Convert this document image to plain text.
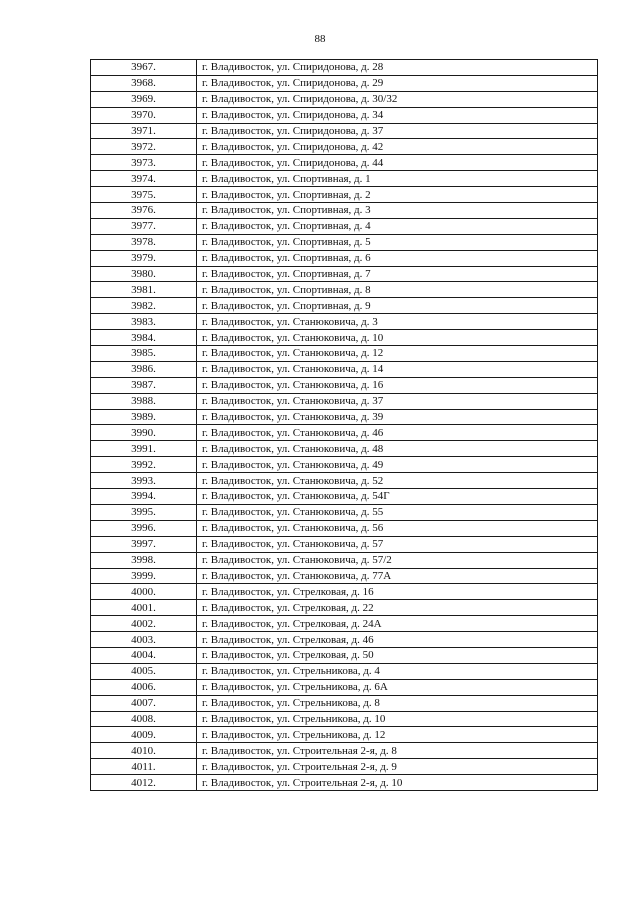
88
3967.	г. Владивосток, ул. Спиридонова, д. 28
3968.	г. Владивосток, ул. Спиридонова, д. 29
3969.	г. Владивосток, ул. Спиридонова, д. 30/32
3970.	г. Владивосток, ул. Спиридонова, д. 34
3971.	г. Владивосток, ул. Спиридонова, д. 37
3972.	г. Владивосток, ул. Спиридонова, д. 42
3973.	г. Владивосток, ул. Спиридонова, д. 44
3974.	г. Владивосток, ул. Спортивная, д. 1
3975.	г. Владивосток, ул. Спортивная, д. 2
3976.	г. Владивосток, ул. Спортивная, д. 3
3977.	г. Владивосток, ул. Спортивная, д. 4
3978.	г. Владивосток, ул. Спортивная, д. 5
3979.	г. Владивосток, ул. Спортивная, д. 6
3980.	г. Владивосток, ул. Спортивная, д. 7
3981.	г. Владивосток, ул. Спортивная, д. 8
3982.	г. Владивосток, ул. Спортивная, д. 9
3983.	г. Владивосток, ул. Станюковича, д. 3
3984.	г. Владивосток, ул. Станюковича, д. 10
3985.	г. Владивосток, ул. Станюковича, д. 12
3986.	г. Владивосток, ул. Станюковича, д. 14
3987.	г. Владивосток, ул. Станюковича, д. 16
3988.	г. Владивосток, ул. Станюковича, д. 37
3989.	г. Владивосток, ул. Станюковича, д. 39
3990.	г. Владивосток, ул. Станюковича, д. 46
3991.	г. Владивосток, ул. Станюковича, д. 48
3992.	г. Владивосток, ул. Станюковича, д. 49
3993.	г. Владивосток, ул. Станюковича, д. 52
3994.	г. Владивосток, ул. Станюковича, д. 54Г
3995.	г. Владивосток, ул. Станюковича, д. 55
3996.	г. Владивосток, ул. Станюковича, д. 56
3997.	г. Владивосток, ул. Станюковича, д. 57
3998.	г. Владивосток, ул. Станюковича, д. 57/2
3999.	г. Владивосток, ул. Станюковича, д. 77А
4000.	г. Владивосток, ул. Стрелковая, д. 16
4001.	г. Владивосток, ул. Стрелковая, д. 22
4002.	г. Владивосток, ул. Стрелковая, д. 24А
4003.	г. Владивосток, ул. Стрелковая, д. 46
4004.	г. Владивосток, ул. Стрелковая, д. 50
4005.	г. Владивосток, ул. Стрельникова, д. 4
4006.	г. Владивосток, ул. Стрельникова, д. 6А
4007.	г. Владивосток, ул. Стрельникова, д. 8
4008.	г. Владивосток, ул. Стрельникова, д. 10
4009.	г. Владивосток, ул. Стрельникова, д. 12
4010.	г. Владивосток, ул. Строительная 2-я, д. 8
4011.	г. Владивосток, ул. Строительная 2-я, д. 9
4012.	г. Владивосток, ул. Строительная 2-я, д. 10
